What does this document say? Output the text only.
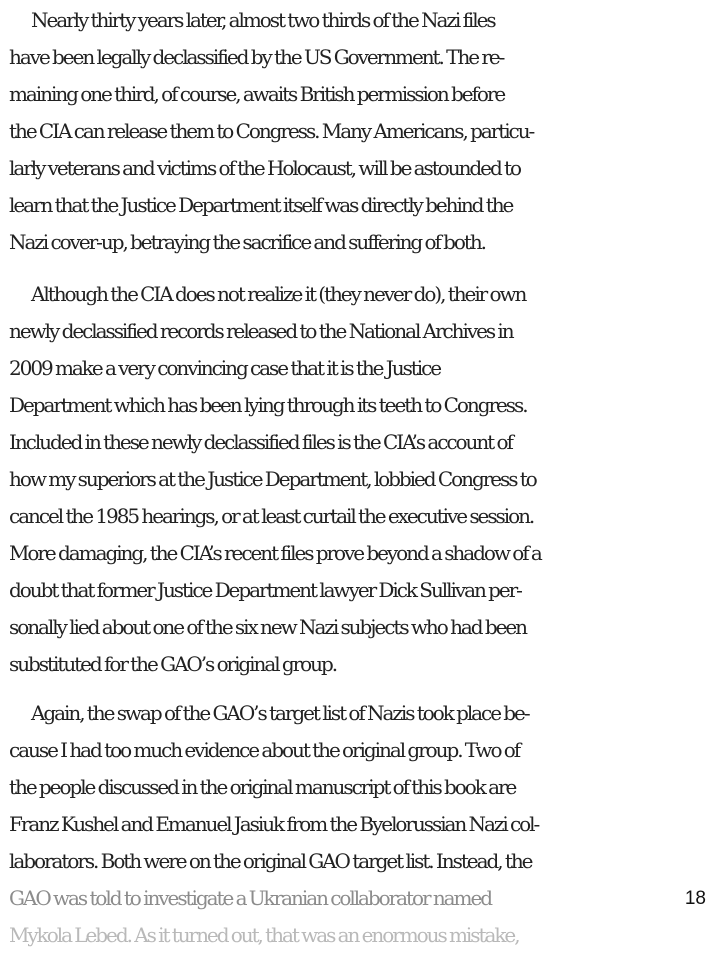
Nearly thirty years later, almost two thirds of the Nazi files
have been legally declassified by the US Government. The re-
maining one third, of course, awaits British permission before
the CIA can release them to Congress. Many Americans, particu-
larly veterans and victims of the Holocaust, will be astounded to
learn that the Justice Department itself was directly behind the
Nazi cover-up, betraying the sacrifice and suffering of both.

Although the CIA does not realize it (they never do), their own
newly declassified records released to the National Archives in
2009 make a very convincing case that it is the Justice
Department which has been lying through its teeth to Congress.
Included in these newly declassified files is the CIA’s account of
how my superiors at the Justice Department, lobbied Congress to
cancel the 1985 hearings, or at least curtail the executive session.
More damaging, the CIA’s recent files prove beyond a shadow of a
doubt that former Justice Department lawyer Dick Sullivan per-
sonally lied about one of the six new Nazi subjects who had been
substituted for the GAO’s original group.

Again, the swap of the GAO’s target list of Nazis took place be-
cause I had too much evidence about the original group. Two of
the people discussed in the original manuscript of this book are
Franz Kushel and Emanuel Jasiuk from the Byelorussian Nazi col-
laborators. Both were on the original GAO target list. Instead, the
GAO was told to investigate a Ukranian collaborator named
Mykola Lebed. As it turned out, that was an enormous mistake,

18
